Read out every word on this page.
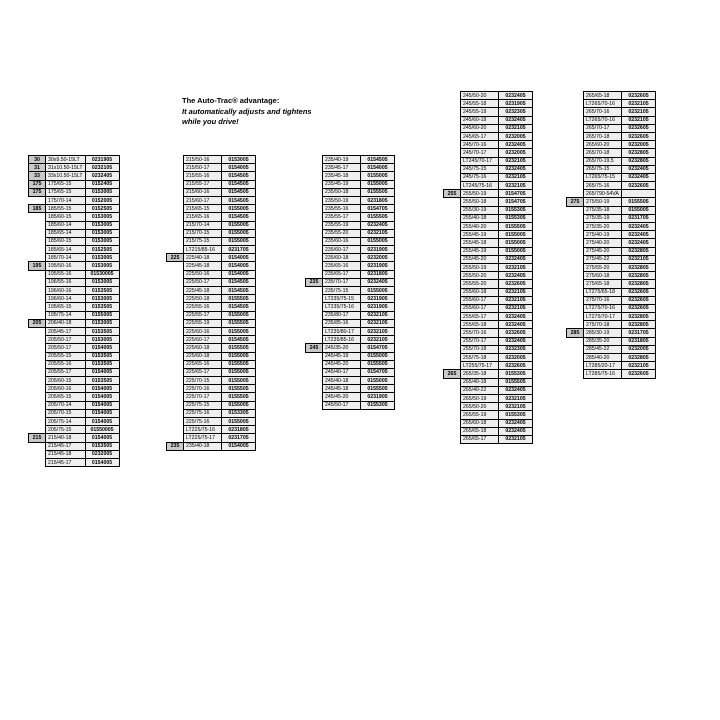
The Auto-Trac® advantage:
It automatically adjusts and tightens
while you drive!
30	30x9.50-15LT	0231905
31	31x10.50-15LT	0232105
33	33x10.50-15LT	0232405
175	175/65-15	0152405
175	175/65-15	0153005
	175/70-14	0152005
185	185/55-15	0152505
	185/60-15	0153005
	185/60-14	0153005
	185/65-14	0153005
	185/60-15	0153005
	185/65-14	0152505
	185/70-14	0153005
195	195/50-16	0153005
	195/55-16	01530005
	196/55-16	0153005
	196/60-16	0153505
	196/60-14	0153005
	195/65-15	0153505
	195/75-14	0155005
205	206/40-18	0153005
	205/45-17	0153505
	205/50-17	0153005
	205/50-17	0154005
	205/55-15	0153505
	205/55-16	0153505
	205/55-17	0154005
	205/60-15	0153505
	205/60-16	0154005
	205/65-15	0154005
	205/70-14	0154005
	205/70-15	0154005
	205/75-14	0154005
	205/75-15	01550005
215	215/40-18	0154005
	215/45-17	0153505
	215/45-18	0232005
	215/45-17	0154005
	215/50-16	0153005
	215/50-17	0154005
	215/55-16	0154505
	215/55-17	0154505
	215/60-16	0154505
	215/60-17	0154505
	215/65-15	0155005
	215/65-16	0154505
	215/70-14	0155005
	215/70-15	0155005
	215/75-15	0155005
	LT215/85-16	0231705
225	225/40-18	0154005
	225/45-18	0154005
	225/50-16	0154005
	225/50-17	0154505
	225/45-18	0154505
	225/50-18	0155505
	225/55-16	0154505
	225/55-17	0155005
	225/55-19	0155505
	225/60-16	0155005
	225/60-17	0154505
	225/60-18	0155505
	225/60-18	0155005
	225/65-16	0155505
	225/65-17	0155005
	225/70-15	0155005
	225/70-16	0155505
	225/70-17	0155505
	225/75-15	0155005
	225/75-16	0153305
	225/75-16	0155005
	LT225/75-16	0231805
	LT225/75-17	0231705
235	235/40-18	0154005
	235/40-19	0154505
	235/45-17	0154005
	235/45-18	0155005
	235/45-19	0155005
	235/50-18	0155505
	235/50-19	0231805
	235/55-16	0154705
	235/55-17	0155505
	235/55-19	0232405
	235/55-20	0232105
	235/60-16	0155005
	235/60-17	0231905
	235/60-18	0232005
	235/65-16	0231905
	235/65-17	0231805
235	235/70-17	0232405
	235/75-15	0155005
	LT235/75-15	0231905
	LT235/75-16	0231905
	235/80-17	0232105
	235/85-16	0232105
	LT235/80-17	0232105
	LT235/85-16	0232105
245	245/35-20	0154705
	245/45-19	0155005
	245/45-20	0155505
	245/40-17	0154705
	245/40-18	0155005
	245/45-18	0155505
	245/45-20	0231905
	245/50-17	0155305
	245/50-20	0232405
	245/55-18	0231905
	245/55-19	0232305
	245/60-18	0232405
	245/60-20	0232105
	245/65-17	0232005
	245/70-16	0232405
	245/70-17	0232005
	LT245/70-17	0232105
	245/75-15	0232405
	245/75-16	0232105
	LT245/75-16	0232105
255	255/50-19	0154705
	255/50-18	0154705
	255/30-19	0155305
	255/40-18	0155305
	255/40-20	0155505
	255/45-19	0155005
	255/45-18	0155005
	255/45-19	0155005
	255/45-20	0232405
	255/50-19	0232105
	255/50-20	0232405
	255/55-20	0232605
	255/60-18	0232105
	255/60-17	0232105
	255/60-17	0232105
	255/65-17	0232405
	255/65-18	0232405
	255/70-16	0232605
	255/70-17	0232405
	255/70-18	0232305
	255/75-18	0232005
	LT255/75-17	0232605
265	265/35-18	0155305
	265/40-18	0155505
	265/40-22	0232405
	265/50-19	0232105
	265/50-20	0232105
	265/55-19	0155305
	265/60-18	0232405
	265/65-18	0232405
	265/65-17	0232105
	265/65-18	0232605
	LT265/70-16	0232105
	265/70-16	0232105
	LT265/70-16	0232105
	265/70-17	0232605
	265/70-18	0232605
	265/60-20	0232005
	265/70-18	0232805
	265/70-19.5	0232805
	265/75-15	0232405
	LT265/75-15	0232405
	265/75-16	0232605
	265/790-54VA	
275	275/50-19	0155505
	275/35-18	0155005
	275/35-19	0231705
	275/35-20	0232405
	275/40-19	0232405
	275/40-20	0232405
	275/45-20	0232805
	275/45-22	0232105
	275/55-20	0232805
	275/60-18	0232805
	275/65-18	0232805
	LT275/65-18	0232605
	275/70-16	0232605
	LT275/70-16	0232605
	LT275/70-17	0232805
	275/70-18	0232805
285	285/30-19	0231705
	285/35-20	0231805
	285/45-22	0232005
	285/40-20	0232805
	LT285/20-17	0232105
	LT285/75-16	0232605
